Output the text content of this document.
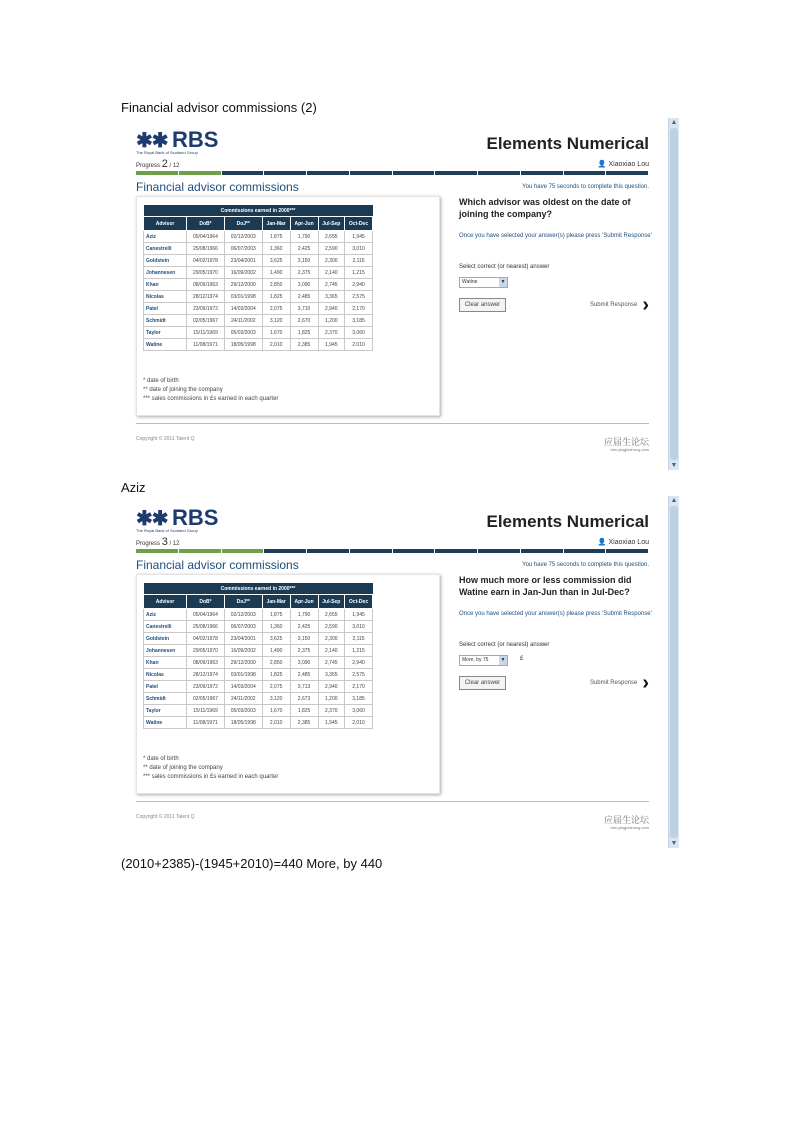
Financial advisor commissions (2)
✱✱ RBS
The Royal Bank of Scotland Group
Progress 2 / 12
Elements Numerical
👤 Xiaoxiao Lou
Financial advisor commissions	You have 75 seconds to complete this question.
Commissions earned in 2000***						
Advisor	DoB*	DoJ**	Jan-Mar	Apr-Jun	Jul-Sep	Oct-Dec
Aziz	05/04/1964	02/12/2003	1,875	1,790	2,655	1,945
Canestrelli	25/08/1966	06/07/2003	1,360	2,425	2,590	3,010
Goldstein	04/02/1978	23/04/2001	3,625	3,150	2,300	2,115
Johannesen	29/05/1970	16/09/2002	1,490	2,375	2,140	1,215
Khan	08/09/1963	29/12/2000	2,850	3,090	2,745	2,940
Nicolas	28/12/1974	03/01/1998	1,825	2,485	3,365	2,575
Patel	23/09/1972	14/03/2004	2,075	3,710	2,940	2,170
Schmidt	02/05/1967	24/11/2002	3,120	2,670	1,200	3,185
Taylor	15/11/1969	05/03/2003	1,670	1,825	2,370	3,060
Watine	11/08/1971	18/05/1998	2,010	2,385	1,945	2,010
* date of birth
** date of joining the company
*** sales commissions in £s earned in each quarter
Which advisor was oldest on the date of joining the company?
Once you have selected your answer(s) please press 'Submit Response'
Select correct (or nearest) answer
Watine	▼
Clear answer	Submit Response ›
Copyright © 2011 Talent Q	应届生论坛
bbs.yingjiesheng.com
▲
▼
Aziz
✱✱ RBS
The Royal Bank of Scotland Group
Progress 3 / 12
Elements Numerical
👤 Xiaoxiao Lou
Financial advisor commissions	You have 75 seconds to complete this question.
Commissions earned in 2000***						
Advisor	DoB*	DoJ**	Jan-Mar	Apr-Jun	Jul-Sep	Oct-Dec
Aziz	05/04/1964	02/12/2003	1,875	1,790	2,655	1,945
Canestrelli	25/08/1966	06/07/2003	1,360	2,425	2,590	3,010
Goldstein	04/02/1978	23/04/2001	3,625	3,150	2,300	2,115
Johannesen	29/05/1970	16/09/2002	1,490	2,375	2,140	1,215
Khan	08/09/1963	29/12/2000	2,850	3,090	2,745	2,940
Nicolas	28/12/1974	03/01/1998	1,825	2,485	3,365	2,575
Patel	23/09/1972	14/03/2004	2,075	3,713	2,940	2,170
Schmidt	02/05/1967	24/11/2002	3,120	2,673	1,200	3,185
Taylor	15/11/1969	05/03/2003	1,670	1,825	2,370	3,060
Watine	11/08/1971	18/05/1998	2,010	2,385	1,945	2,010
* date of birth
** date of joining the company
*** sales commissions in £s earned in each quarter
How much more or less commission did Watine earn in Jan-Jun than in Jul-Dec?
Once you have selected your answer(s) please press 'Submit Response'
Select correct (or nearest) answer
More, by 75	▼ £
Clear answer	Submit Response ›
Copyright © 2011 Talent Q	应届生论坛
bbs.yingjiesheng.com
▲
▼
(2010+2385)-(1945+2010)=440 More, by 440
